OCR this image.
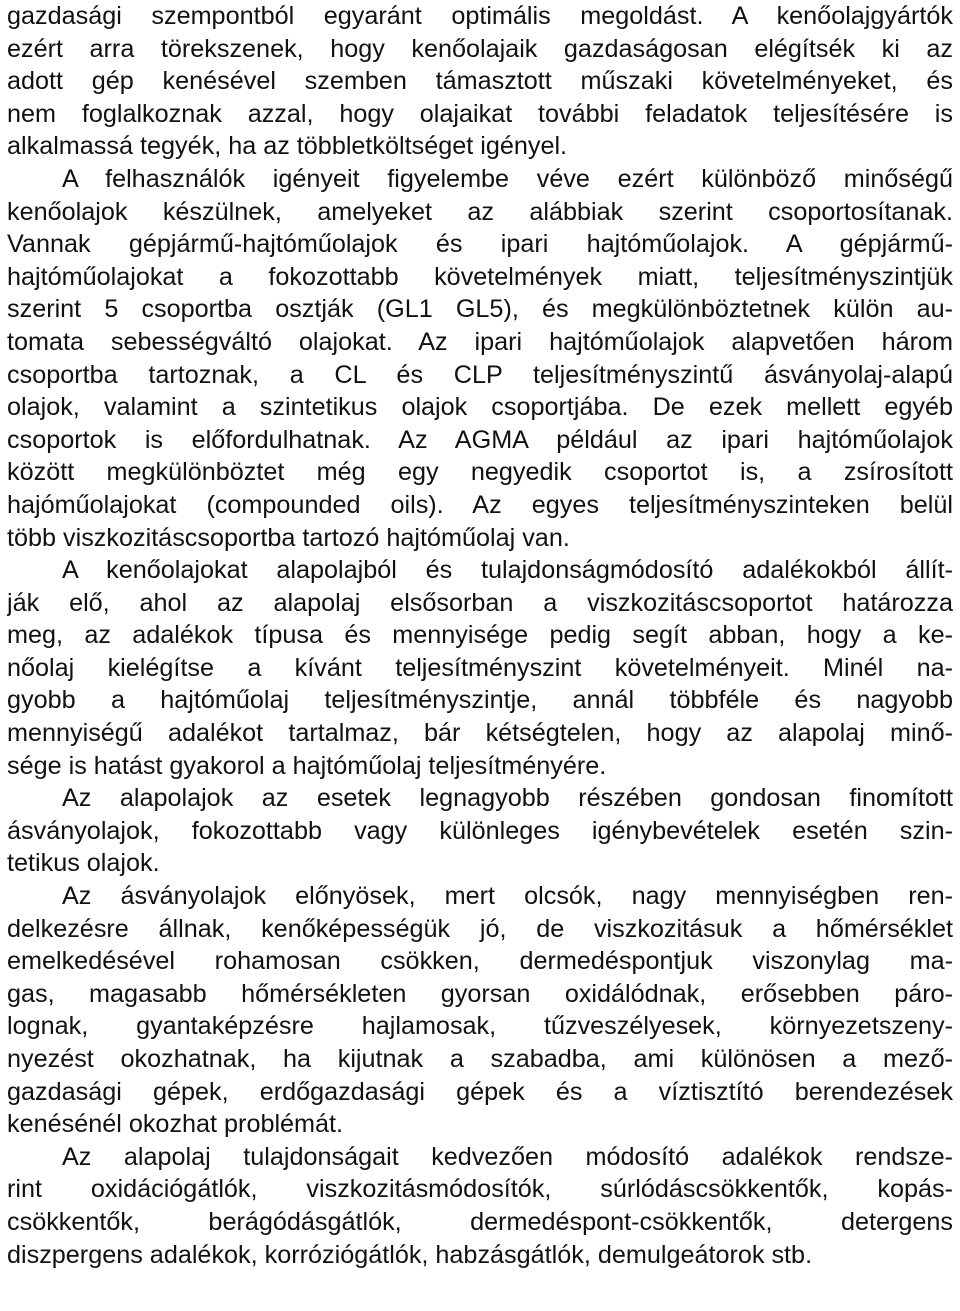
gazdasági szempontból egyaránt optimális megoldást. A kenőolajgyártók
ezért arra törekszenek, hogy kenőolajaik gazdaságosan elégítsék ki az
adott gép kenésével szemben támasztott műszaki követelményeket, és
nem foglalkoznak azzal, hogy olajaikat további feladatok teljesítésére is
alkalmassá tegyék, ha az többletköltséget igényel.
A felhasználók igényeit figyelembe véve ezért különböző minőségű
kenőolajok készülnek, amelyeket az alábbiak szerint csoportosítanak.
Vannak gépjármű-hajtóműolajok és ipari hajtóműolajok. A gépjármű-
hajtóműolajokat a fokozottabb követelmények miatt, teljesítményszintjük
szerint 5 csoportba osztják (GL1 GL5), és megkülönböztetnek külön au-
tomata sebességváltó olajokat. Az ipari hajtóműolajok alapvetően három
csoportba tartoznak, a CL és CLP teljesítményszintű ásványolaj-alapú
olajok, valamint a szintetikus olajok csoportjába. De ezek mellett egyéb
csoportok is előfordulhatnak. Az AGMA például az ipari hajtóműolajok
között megkülönböztet még egy negyedik csoportot is, a zsírosított
hajóműolajokat (compounded oils). Az egyes teljesítményszinteken belül
több viszkozitáscsoportba tartozó hajtóműolaj van.
A kenőolajokat alapolajból és tulajdonságmódosító adalékokból állít-
ják elő, ahol az alapolaj elsősorban a viszkozitáscsoportot határozza
meg, az adalékok típusa és mennyisége pedig segít abban, hogy a ke-
nőolaj kielégítse a kívánt teljesítményszint követelményeit. Minél na-
gyobb a hajtóműolaj teljesítményszintje, annál többféle és nagyobb
mennyiségű adalékot tartalmaz, bár kétségtelen, hogy az alapolaj minő-
sége is hatást gyakorol a hajtóműolaj teljesítményére.
Az alapolajok az esetek legnagyobb részében gondosan finomított
ásványolajok, fokozottabb vagy különleges igénybevételek esetén szin-
tetikus olajok.
Az ásványolajok előnyösek, mert olcsók, nagy mennyiségben ren-
delkezésre állnak, kenőképességük jó, de viszkozitásuk a hőmérséklet
emelkedésével rohamosan csökken, dermedéspontjuk viszonylag ma-
gas, magasabb hőmérsékleten gyorsan oxidálódnak, erősebben páro-
lognak, gyantaképzésre hajlamosak, tűzveszélyesek, környezetszeny-
nyezést okozhatnak, ha kijutnak a szabadba, ami különösen a mező-
gazdasági gépek, erdőgazdasági gépek és a víztisztító berendezések
kenésénél okozhat problémát.
Az alapolaj tulajdonságait kedvezően módosító adalékok rendsze-
rint oxidációgátlók, viszkozitásmódosítók, súrlódáscsökkentők, kopás-
csökkentők, berágódásgátlók, dermedéspont-csökkentők, detergens
diszpergens adalékok, korróziógátlók, habzásgátlók, demulgeátorok stb.
